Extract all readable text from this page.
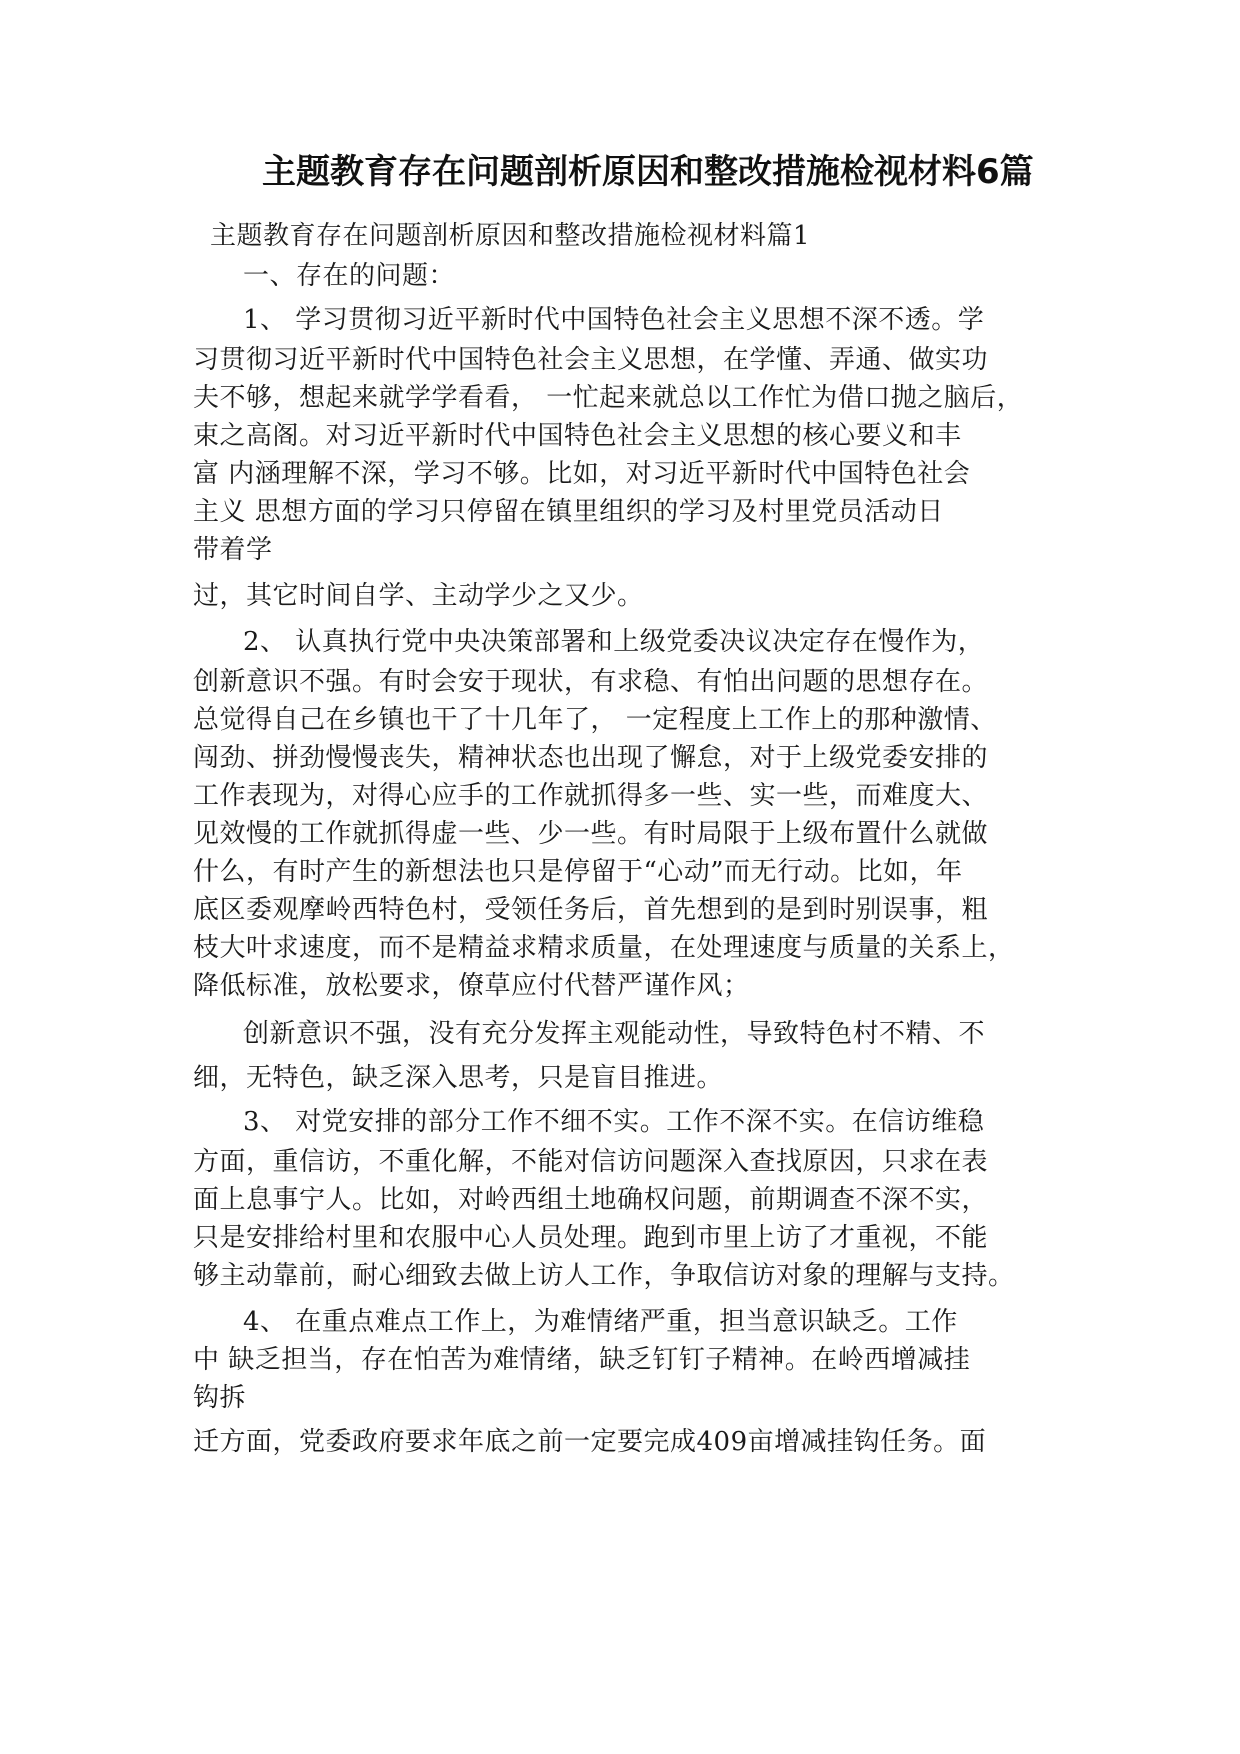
主题教育存在问题剖析原因和整改措施检视材料6篇
主题教育存在问题剖析原因和整改措施检视材料篇1
一、存在的问题：
1、 学习贯彻习近平新时代中国特色社会主义思想不深不透。学
习贯彻习近平新时代中国特色社会主义思想，在学懂、弄通、做实功
夫不够，想起来就学学看看， 一忙起来就总以工作忙为借口抛之脑后，
束之高阁。对习近平新时代中国特色社会主义思想的核心要义和丰
富 内涵理解不深，学习不够。比如，对习近平新时代中国特色社会
主义 思想方面的学习只停留在镇里组织的学习及村里党员活动日
带着学
过，其它时间自学、主动学少之又少。
2、 认真执行党中央决策部署和上级党委决议决定存在慢作为，
创新意识不强。有时会安于现状，有求稳、有怕出问题的思想存在。
总觉得自己在乡镇也干了十几年了， 一定程度上工作上的那种激情、
闯劲、拼劲慢慢丧失，精神状态也出现了懈怠，对于上级党委安排的
工作表现为，对得心应手的工作就抓得多一些、实一些，而难度大、
见效慢的工作就抓得虚一些、少一些。有时局限于上级布置什么就做
什么，有时产生的新想法也只是停留于“心动”而无行动。比如，年
底区委观摩岭西特色村，受领任务后，首先想到的是到时别误事，粗
枝大叶求速度，而不是精益求精求质量，在处理速度与质量的关系上，
降低标准，放松要求，僚草应付代替严谨作风；
创新意识不强，没有充分发挥主观能动性，导致特色村不精、不
细，无特色，缺乏深入思考，只是盲目推进。
3、 对党安排的部分工作不细不实。工作不深不实。在信访维稳
方面，重信访，不重化解，不能对信访问题深入查找原因，只求在表
面上息事宁人。比如，对岭西组土地确权问题，前期调查不深不实，
只是安排给村里和农服中心人员处理。跑到市里上访了才重视，不能
够主动靠前，耐心细致去做上访人工作，争取信访对象的理解与支持。
4、 在重点难点工作上，为难情绪严重，担当意识缺乏。工作
中 缺乏担当，存在怕苦为难情绪，缺乏钉钉子精神。在岭西增减挂
钩拆
迁方面，党委政府要求年底之前一定要完成409亩增减挂钩任务。面
